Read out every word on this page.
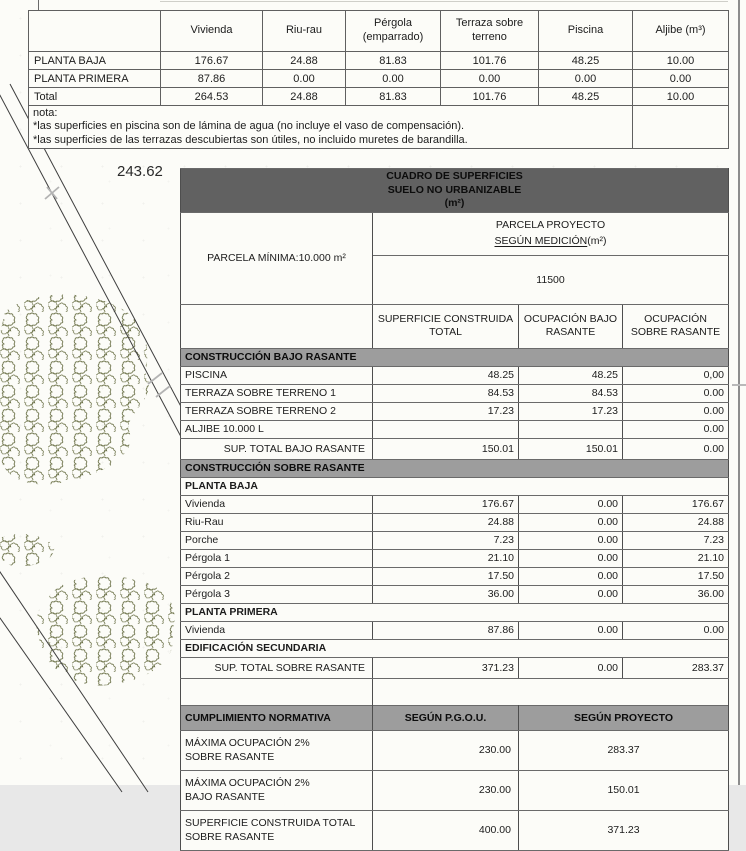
243.62
	Vivienda	Riu-rau	Pérgola (emparrado)	Terraza sobre terreno	Piscina	Aljibe (m³)
PLANTA BAJA	176.67	24.88	81.83	101.76	48.25	10.00
PLANTA PRIMERA	87.86	0.00	0.00	0.00	0.00	0.00
Total	264.53	24.88	81.83	101.76	48.25	10.00

nota:
*las superficies en piscina son de lámina de agua (no incluye el vaso de compensación).
*las superficies de las terrazas descubiertas son útiles, no incluido muretes de barandilla.						

CUADRO DE SUPERFICIES
SUELO NO URBANIZABLE
(m²)			

PARCELA MÍNIMA:10.000 m²	PARCELA PROYECTO
SEGÚN MEDICIÓN(m²)		

	11500		
	SUPERFICIE CONSTRUIDA TOTAL	OCUPACIÓN BAJO RASANTE	OCUPACIÓN SOBRE RASANTE
CONSTRUCCIÓN BAJO RASANTE			
PISCINA	48.25	48.25	0,00
TERRAZA SOBRE TERRENO 1	84.53	84.53	0.00
TERRAZA SOBRE TERRENO 2	17.23	17.23	0.00
ALJIBE 10.000 L			0.00
SUP. TOTAL BAJO RASANTE	150.01	150.01	0.00
CONSTRUCCIÓN SOBRE RASANTE			
PLANTA BAJA			
Vivienda	176.67	0.00	176.67
Riu-Rau	24.88	0.00	24.88
Porche	7.23	0.00	7.23
Pérgola 1	21.10	0.00	21.10
Pérgola 2	17.50	0.00	17.50
Pérgola 3	36.00	0.00	36.00
PLANTA PRIMERA			
Vivienda	87.86	0.00	0.00
EDIFICACIÓN SECUNDARIA			
SUP. TOTAL SOBRE RASANTE	371.23	0.00	283.37

CUMPLIMIENTO NORMATIVA	SEGÚN P.G.O.U.	SEGÚN PROYECTO	

MÁXIMA OCUPACIÓN 2%
SOBRE RASANTE	230.00	283.37	

MÁXIMA OCUPACIÓN 2%
BAJO RASANTE	230.00	150.01	

SUPERFICIE CONSTRUIDA TOTAL
SOBRE RASANTE	400.00	371.23	
